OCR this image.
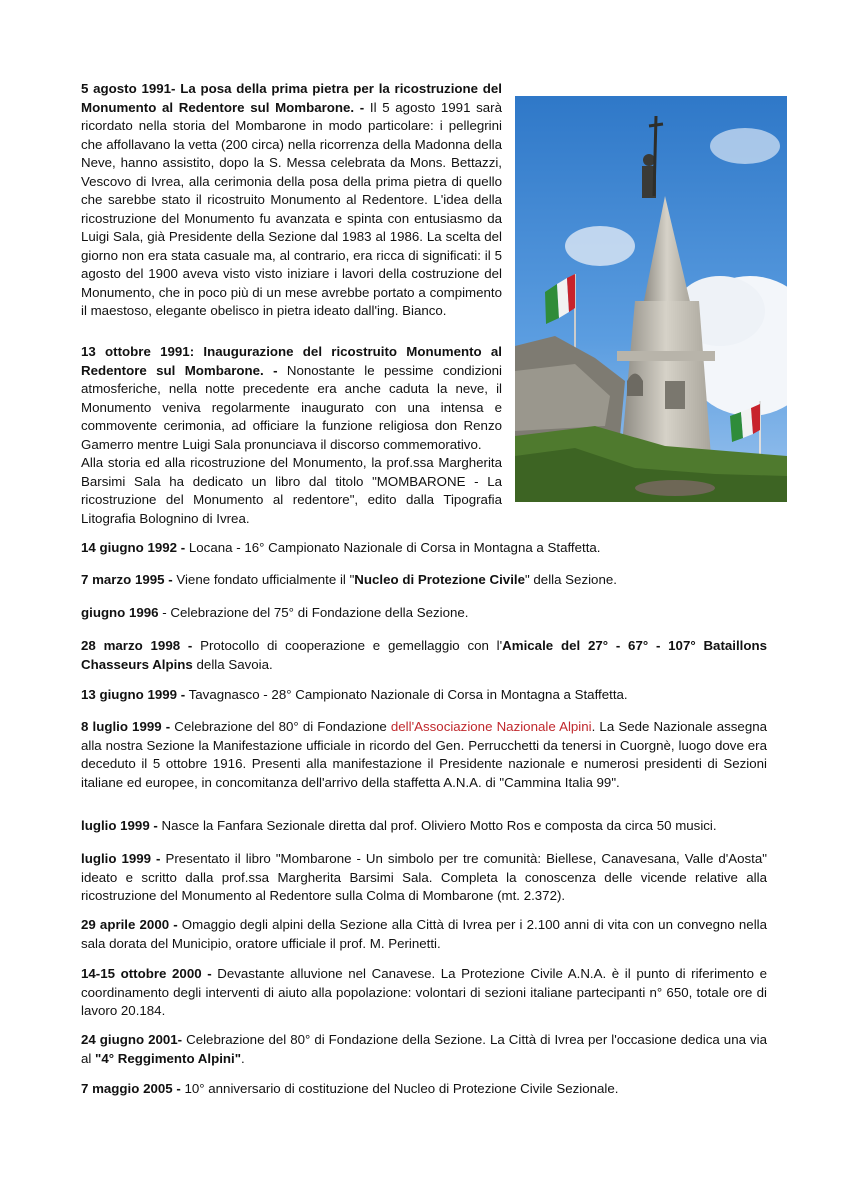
5 agosto 1991- La posa della prima pietra per la ricostruzione del Monumento al Redentore sul Mombarone. - Il 5 agosto 1991 sarà ricordato nella storia del Mombarone in modo particolare: i pellegrini che affollavano la vetta (200 circa) nella ricorrenza della Madonna della Neve, hanno assistito, dopo la S. Messa celebrata da Mons. Bettazzi, Vescovo di Ivrea, alla cerimonia della posa della prima pietra di quello che sarebbe stato il ricostruito Monumento al Redentore. L'idea della ricostruzione del Monumento fu avanzata e spinta con entusiasmo da Luigi Sala, già Presidente della Sezione dal 1983 al 1986. La scelta del giorno non era stata casuale ma, al contrario, era ricca di significati: il 5 agosto del 1900 aveva visto visto iniziare i lavori della costruzione del Monumento, che in poco più di un mese avrebbe portato a compimento il maestoso, elegante obelisco in pietra ideato dall'ing. Bianco.
13 ottobre 1991: Inaugurazione del ricostruito Monumento al Redentore sul Mombarone. - Nonostante le pessime condizioni atmosferiche, nella notte precedente era anche caduta la neve, il Monumento veniva regolarmente inaugurato con una intensa e commovente cerimonia, ad officiare la funzione religiosa don Renzo Gamerro mentre Luigi Sala pronunciava il discorso commemorativo.
Alla storia ed alla ricostruzione del Monumento, la prof.ssa Margherita Barsimi Sala ha dedicato un libro dal titolo "MOMBARONE - La ricostruzione del Monumento al redentore", edito dalla Tipografia Litografia Bolognino di Ivrea.
14 giugno 1992 - Locana - 16° Campionato Nazionale di Corsa in Montagna a Staffetta.
7 marzo 1995 - Viene fondato ufficialmente il "Nucleo di Protezione Civile" della Sezione.
giugno 1996 - Celebrazione del 75° di Fondazione della Sezione.
28 marzo 1998 - Protocollo di cooperazione e gemellaggio con l'Amicale del 27° - 67° - 107° Bataillons Chasseurs Alpins della Savoia.
13 giugno 1999 - Tavagnasco - 28° Campionato Nazionale di Corsa in Montagna a Staffetta.
8 luglio 1999 - Celebrazione del 80° di Fondazione dell'Associazione Nazionale Alpini. La Sede Nazionale assegna alla nostra Sezione la Manifestazione ufficiale in ricordo del Gen. Perrucchetti da tenersi in Cuorgnè, luogo dove era deceduto il 5 ottobre 1916. Presenti alla manifestazione il Presidente nazionale e numerosi presidenti di Sezioni italiane ed europee, in concomitanza dell'arrivo della staffetta A.N.A. di "Cammina Italia 99".
luglio 1999 - Nasce la Fanfara Sezionale diretta dal prof. Oliviero Motto Ros e composta da circa 50 musici.
luglio 1999 - Presentato il libro "Mombarone - Un simbolo per tre comunità: Biellese, Canavesana, Valle d'Aosta" ideato e scritto dalla prof.ssa Margherita Barsimi Sala. Completa la conoscenza delle vicende relative alla ricostruzione del Monumento al Redentore sulla Colma di Mombarone (mt. 2.372).
29 aprile 2000 - Omaggio degli alpini della Sezione alla Città di Ivrea per i 2.100 anni di vita con un convegno nella sala dorata del Municipio, oratore ufficiale il prof. M. Perinetti.
14-15 ottobre 2000 - Devastante alluvione nel Canavese. La Protezione Civile A.N.A. è il punto di riferimento e coordinamento degli interventi di aiuto alla popolazione: volontari di sezioni italiane partecipanti n° 650, totale ore di lavoro 20.184.
24 giugno 2001- Celebrazione del 80° di Fondazione della Sezione. La Città di Ivrea per l'occasione dedica una via al "4° Reggimento Alpini".
7 maggio 2005 - 10° anniversario di costituzione del Nucleo di Protezione Civile Sezionale.
